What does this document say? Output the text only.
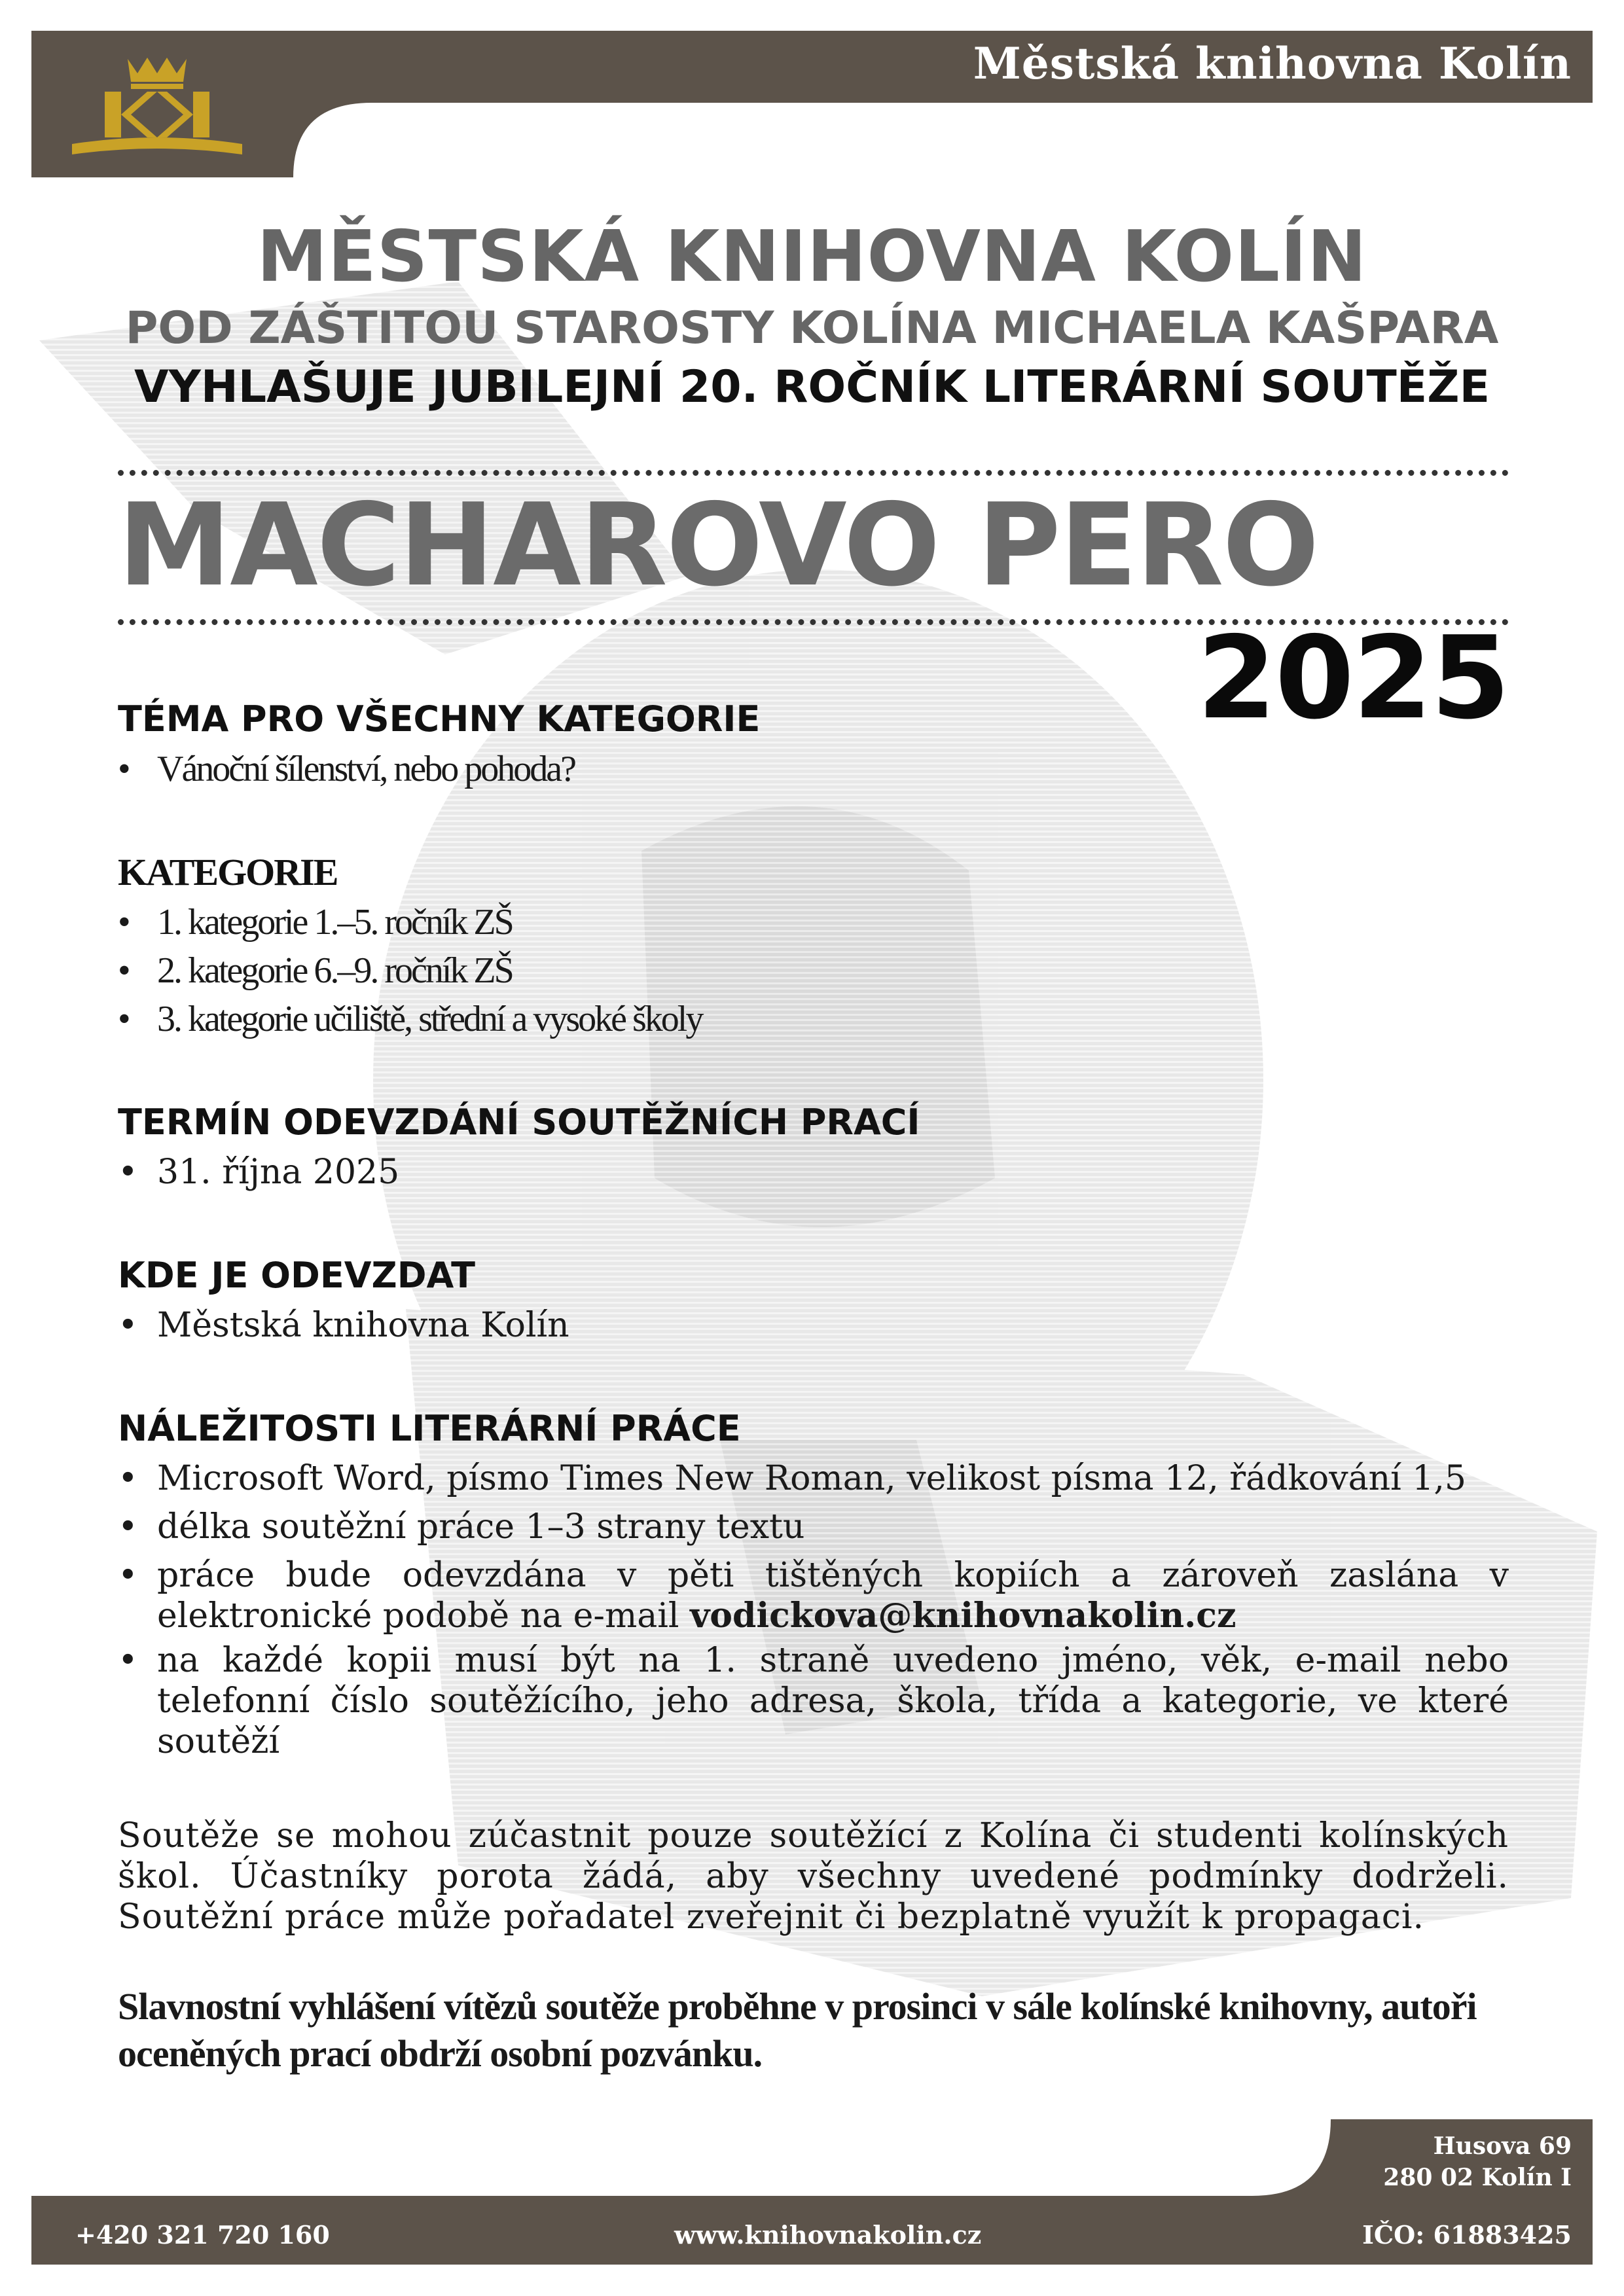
Městská knihovna Kolín
MĚSTSKÁ KNIHOVNA KOLÍN
POD ZÁŠTITOU STAROSTY KOLÍNA MICHAELA KAŠPARA
VYHLAŠUJE JUBILEJNÍ 20. ROČNÍK LITERÁRNÍ SOUTĚŽE
MACHAROVO PERO
2025
TÉMA PRO VŠECHNY KATEGORIE
• Vánoční šílenství, nebo pohoda?
KATEGORIE
• 1. kategorie 1.–5. ročník ZŠ
• 2. kategorie 6.–9. ročník ZŠ
• 3. kategorie učiliště, střední a vysoké školy
TERMÍN ODEVZDÁNÍ SOUTĚŽNÍCH PRACÍ
• 31. října 2025
KDE JE ODEVZDAT
• Městská knihovna Kolín
NÁLEŽITOSTI LITERÁRNÍ PRÁCE
• Microsoft Word, písmo Times New Roman, velikost písma 12, řádkování 1,5
• délka soutěžní práce 1–3 strany textu
• práce bude odevzdána v pěti tištěných kopiích a zároveň zaslána v elektronické podobě na e-mail vodickova@knihovnakolin.cz
• na každé kopii musí být na 1. straně uvedeno jméno, věk, e-mail nebo telefonní číslo soutěžícího, jeho adresa, škola, třída a kategorie, ve které soutěží

Soutěže se mohou zúčastnit pouze soutěžící z Kolína či studenti kolínských škol. Účastníky porota žádá, aby všechny uvedené podmínky dodrželi. Soutěžní práce může pořadatel zveřejnit či bezplatně využít k propagaci.

Slavnostní vyhlášení vítězů soutěže proběhne v prosinci v sále kolínské knihovny, autoři oceněných prací obdrží osobní pozvánku.

Husova 69
280 02 Kolín I
+420 321 720 160	www.knihovnakolin.cz	IČO: 61883425
